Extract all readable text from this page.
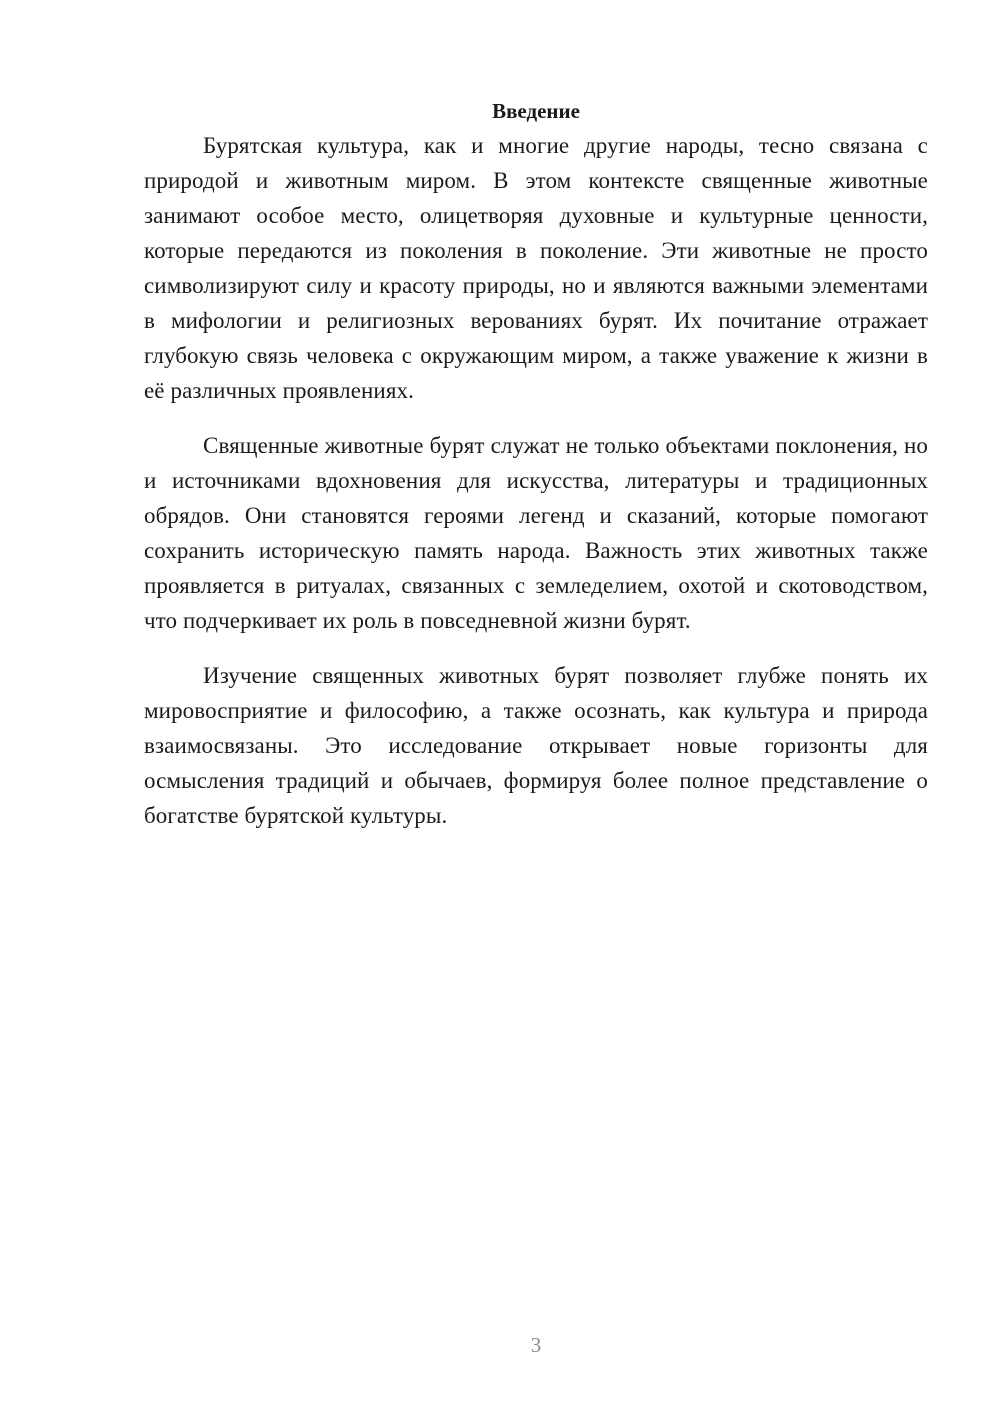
Введение

Бурятская культура, как и многие другие народы, тесно связана с природой и животным миром. В этом контексте священные животные занимают особое место, олицетворяя духовные и культурные ценности, которые передаются из поколения в поколение. Эти животные не просто символизируют силу и красоту природы, но и являются важными элементами в мифологии и религиозных верованиях бурят. Их почитание отражает глубокую связь человека с окружающим миром, а также уважение к жизни в её различных проявлениях.

Священные животные бурят служат не только объектами поклонения, но и источниками вдохновения для искусства, литературы и традиционных обрядов. Они становятся героями легенд и сказаний, которые помогают сохранить историческую память народа. Важность этих животных также проявляется в ритуалах, связанных с земледелием, охотой и скотоводством, что подчеркивает их роль в повседневной жизни бурят.

Изучение священных животных бурят позволяет глубже понять их мировосприятие и философию, а также осознать, как культура и природа взаимосвязаны. Это исследование открывает новые горизонты для осмысления традиций и обычаев, формируя более полное представление о богатстве бурятской культуры.

3
